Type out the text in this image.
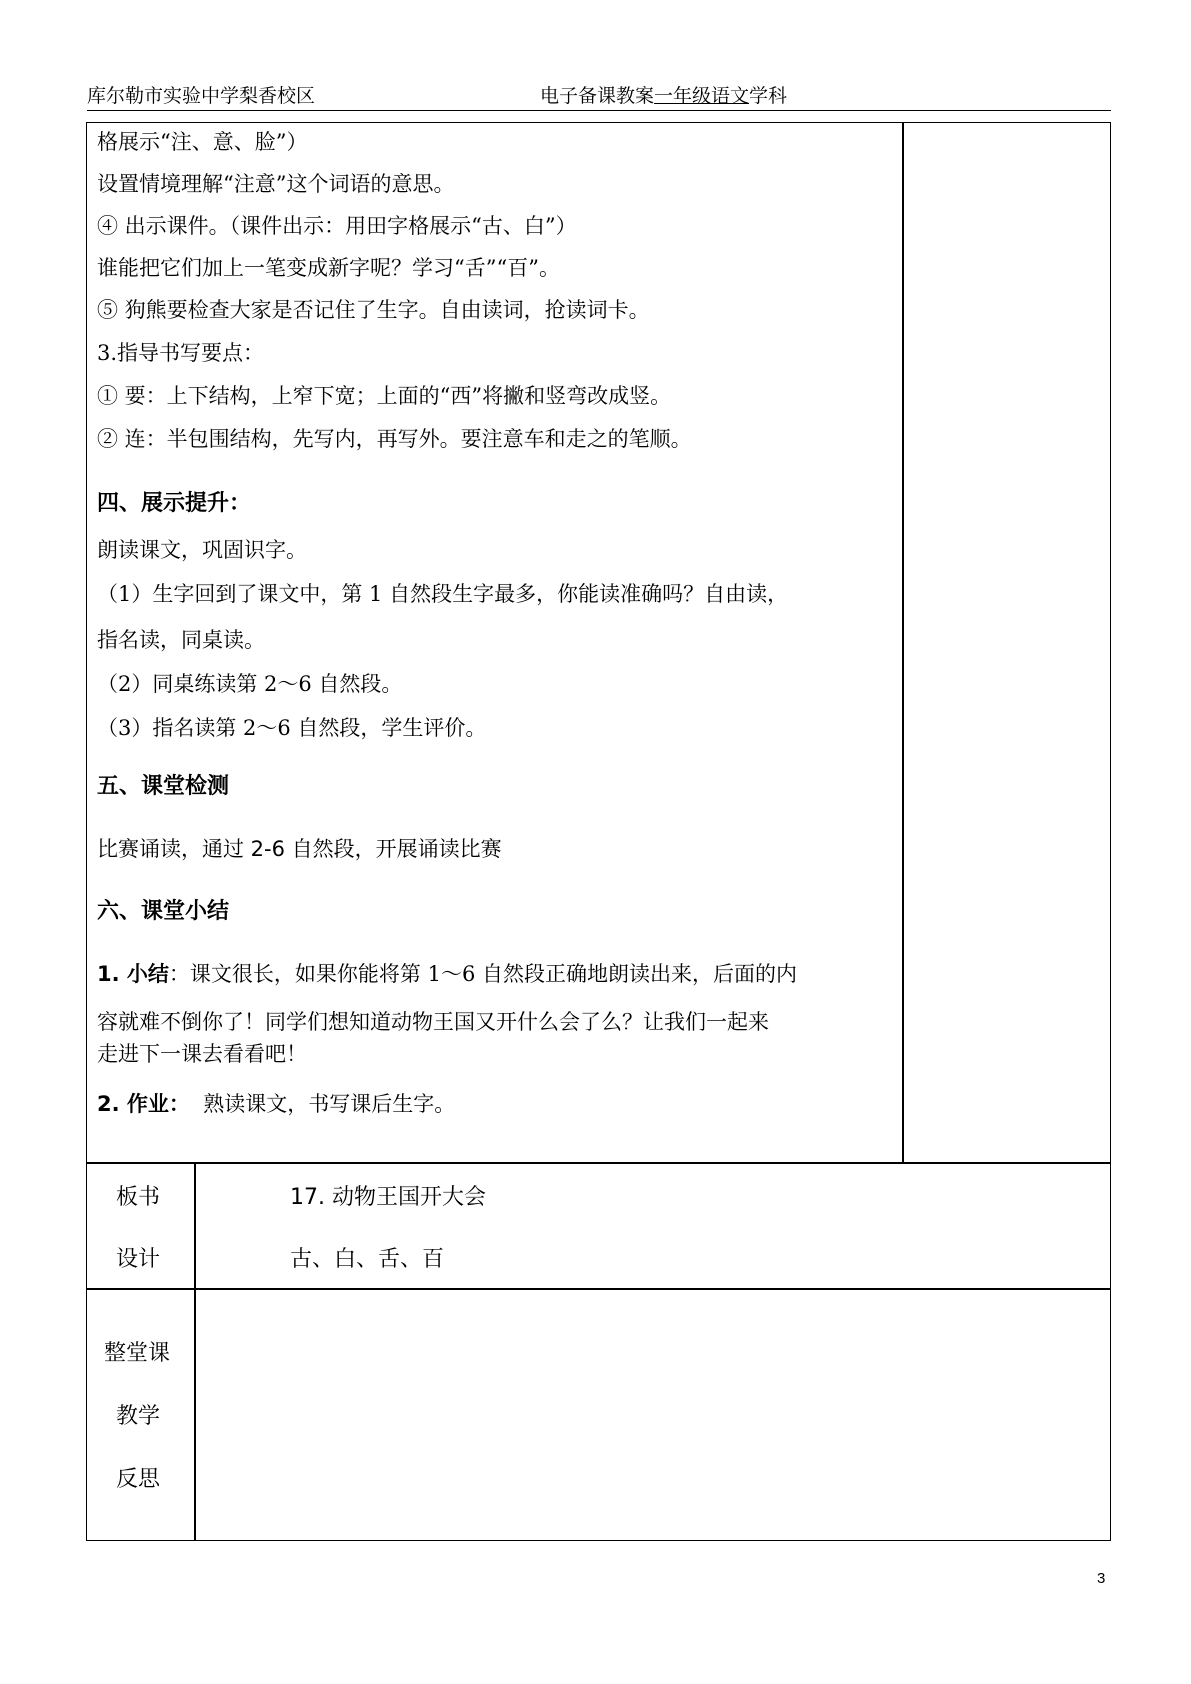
库尔勒市实验中学梨香校区	电子备课教案一年级语文学科
格展示“注、意、脸”）
设置情境理解“注意”这个词语的意思。
④ 出示课件。（课件出示：用田字格展示“古、白”）
谁能把它们加上一笔变成新字呢？学习“舌”“百”。
⑤ 狗熊要检查大家是否记住了生字。自由读词，抢读词卡。
3.指导书写要点：
① 要：上下结构，上窄下宽；上面的“西”将撇和竖弯改成竖。
② 连：半包围结构，先写内，再写外。要注意车和走之的笔顺。
四、展示提升：
朗读课文，巩固识字。
（1）生字回到了课文中，第 1 自然段生字最多，你能读准确吗？自由读，
指名读，同桌读。
（2）同桌练读第 2～6 自然段。
（3）指名读第 2～6 自然段，学生评价。
五、课堂检测
比赛诵读，通过 2-6 自然段，开展诵读比赛
六、课堂小结
1. 小结：课文很长，如果你能将第 1～6 自然段正确地朗读出来，后面的内
容就难不倒你了！同学们想知道动物王国又开什么会了么？让我们一起来
走进下一课去看看吧！
2. 作业： 熟读课文，书写课后生字。
板书
设计
17. 动物王国开大会
古、白、舌、百
整堂课
教学
反思
3
